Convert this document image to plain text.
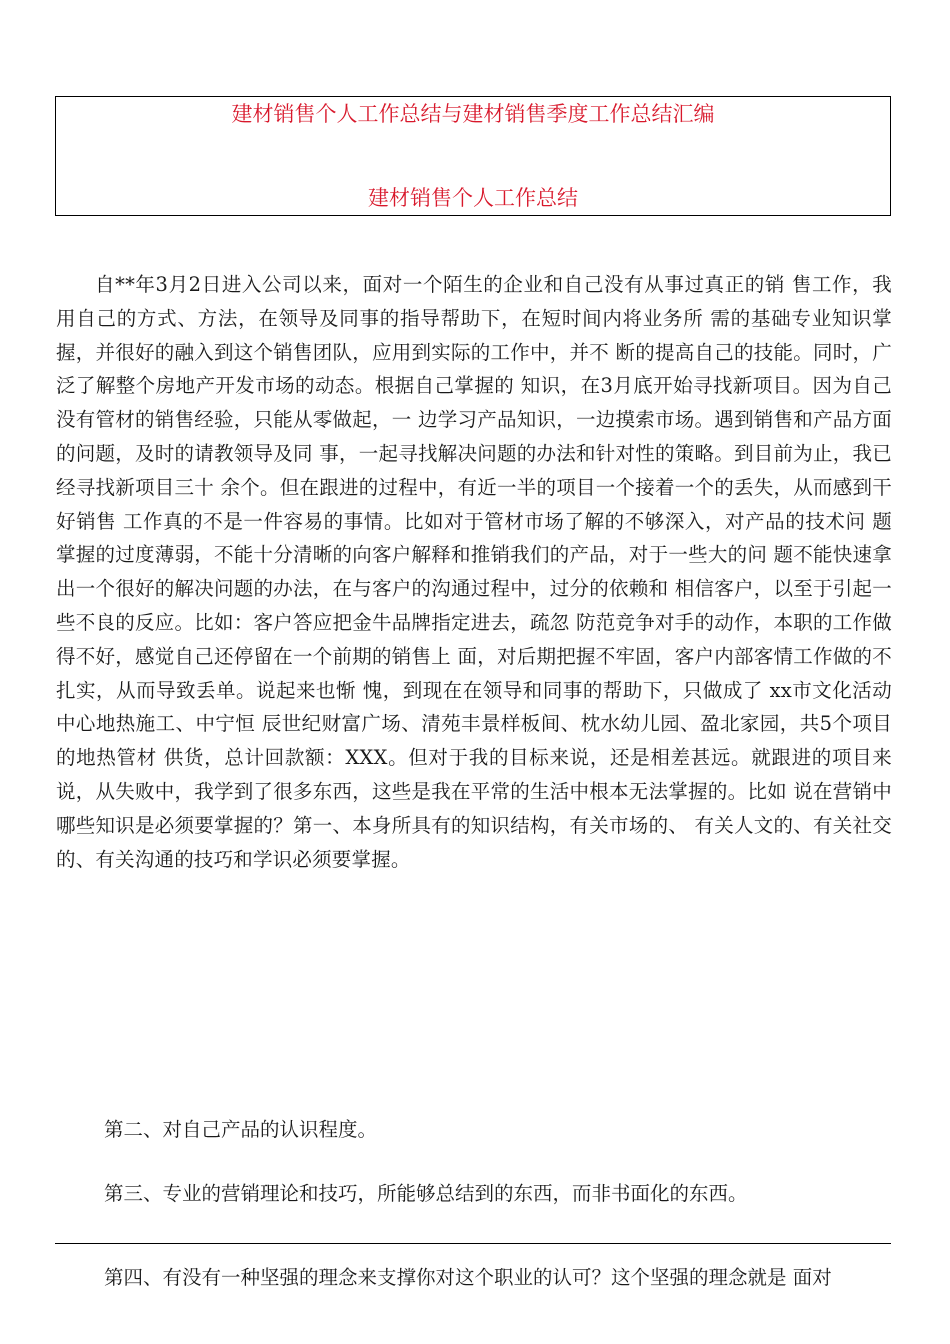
建材销售个人工作总结与建材销售季度工作总结汇编
建材销售个人工作总结

自**年3月2日进入公司以来，面对一个陌生的企业和自己没有从事过真正的销 售工作，我用自己的方式、方法，在领导及同事的指导帮助下，在短时间内将业务所 需的基础专业知识掌握，并很好的融入到这个销售团队，应用到实际的工作中，并不 断的提高自己的技能。同时，广泛了解整个房地产开发市场的动态。根据自己掌握的 知识，在3月底开始寻找新项目。因为自己没有管材的销售经验，只能从零做起，一 边学习产品知识，一边摸索市场。遇到销售和产品方面的问题，及时的请教领导及同 事，一起寻找解决问题的办法和针对性的策略。到目前为止，我已经寻找新项目三十 余个。但在跟进的过程中，有近一半的项目一个接着一个的丢失，从而感到干好销售 工作真的不是一件容易的事情。比如对于管材市场了解的不够深入，对产品的技术问 题掌握的过度薄弱，不能十分清晰的向客户解释和推销我们的产品，对于一些大的问 题不能快速拿出一个很好的解决问题的办法，在与客户的沟通过程中，过分的依赖和 相信客户，以至于引起一些不良的反应。比如：客户答应把金牛品牌指定进去，疏忽 防范竞争对手的动作，本职的工作做得不好，感觉自己还停留在一个前期的销售上 面，对后期把握不牢固，客户内部客情工作做的不扎实，从而导致丢单。说起来也惭 愧，到现在在领导和同事的帮助下，只做成了 xx市文化活动中心地热施工、中宁恒 辰世纪财富广场、清苑丰景样板间、枕水幼儿园、盈北家园，共5个项目的地热管材 供货，总计回款额：XXX。但对于我的目标来说，还是相差甚远。就跟进的项目来 说，从失败中，我学到了很多东西，这些是我在平常的生活中根本无法掌握的。比如 说在营销中哪些知识是必须要掌握的？第一、本身所具有的知识结构，有关市场的、 有关人文的、有关社交的、有关沟通的技巧和学识必须要掌握。

第二、对自己产品的认识程度。

第三、专业的营销理论和技巧，所能够总结到的东西，而非书面化的东西。

第四、有没有一种坚强的理念来支撑你对这个职业的认可？这个坚强的理念就是 面对
